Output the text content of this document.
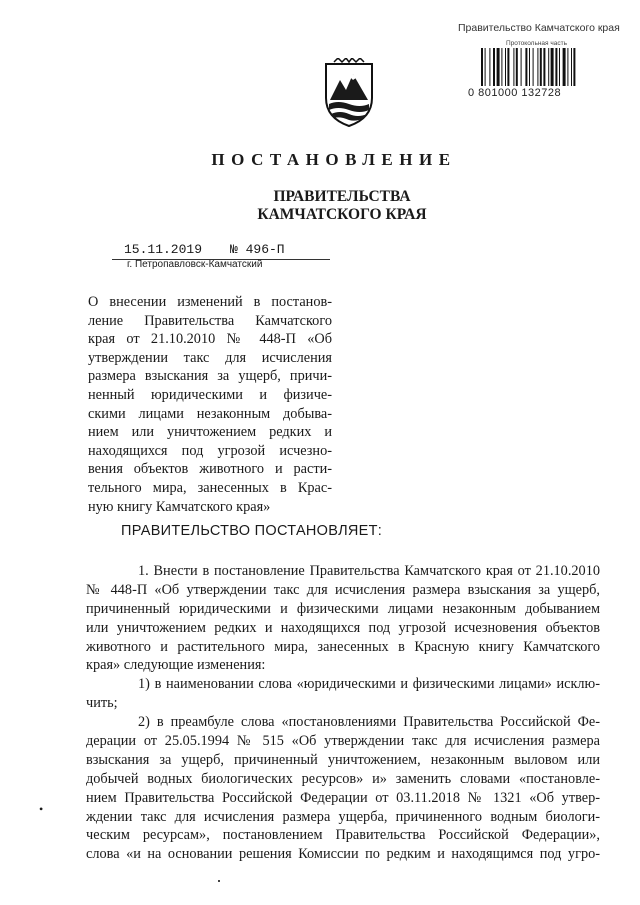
Правительство Камчатского края
Протокольная часть
0 801000 132728
ПОСТАНОВЛЕНИЕ
ПРАВИТЕЛЬСТВА
КАМЧАТСКОГО КРАЯ
15.11.2019 № 496-П
г. Петропавловск-Камчатский
О внесении изменений в постанов-
ление Правительства Камчатского
края от 21.10.2010 № 448-П «Об
утверждении такс для исчисления
размера взыскания за ущерб, причи-
ненный юридическими и физиче-
скими лицами незаконным добыва-
нием или уничтожением редких и
находящихся под угрозой исчезно-
вения объектов животного и расти-
тельного мира, занесенных в Крас-
ную книгу Камчатского края»
ПРАВИТЕЛЬСТВО ПОСТАНОВЛЯЕТ:
1. Внести в постановление Правительства Камчатского края от 21.10.2010
№ 448-П «Об утверждении такс для исчисления размера взыскания за ущерб,
причиненный юридическими и физическими лицами незаконным добыванием
или уничтожением редких и находящихся под угрозой исчезновения объектов
животного и растительного мира, занесенных в Красную книгу Камчатского
края» следующие изменения:
1) в наименовании слова «юридическими и физическими лицами» исклю-
чить;
2) в преамбуле слова «постановлениями Правительства Российской Фе-
дерации от 25.05.1994 № 515 «Об утверждении такс для исчисления размера
взыскания за ущерб, причиненный уничтожением, незаконным выловом или
добычей водных биологических ресурсов» и» заменить словами «постановле-
нием Правительства Российской Федерации от 03.11.2018 № 1321 «Об утвер-
ждении такс для исчисления размера ущерба, причиненного водным биологи-
ческим ресурсам», постановлением Правительства Российской Федерации»,
слова «и на основании решения Комиссии по редким и находящимся под угро-
•
